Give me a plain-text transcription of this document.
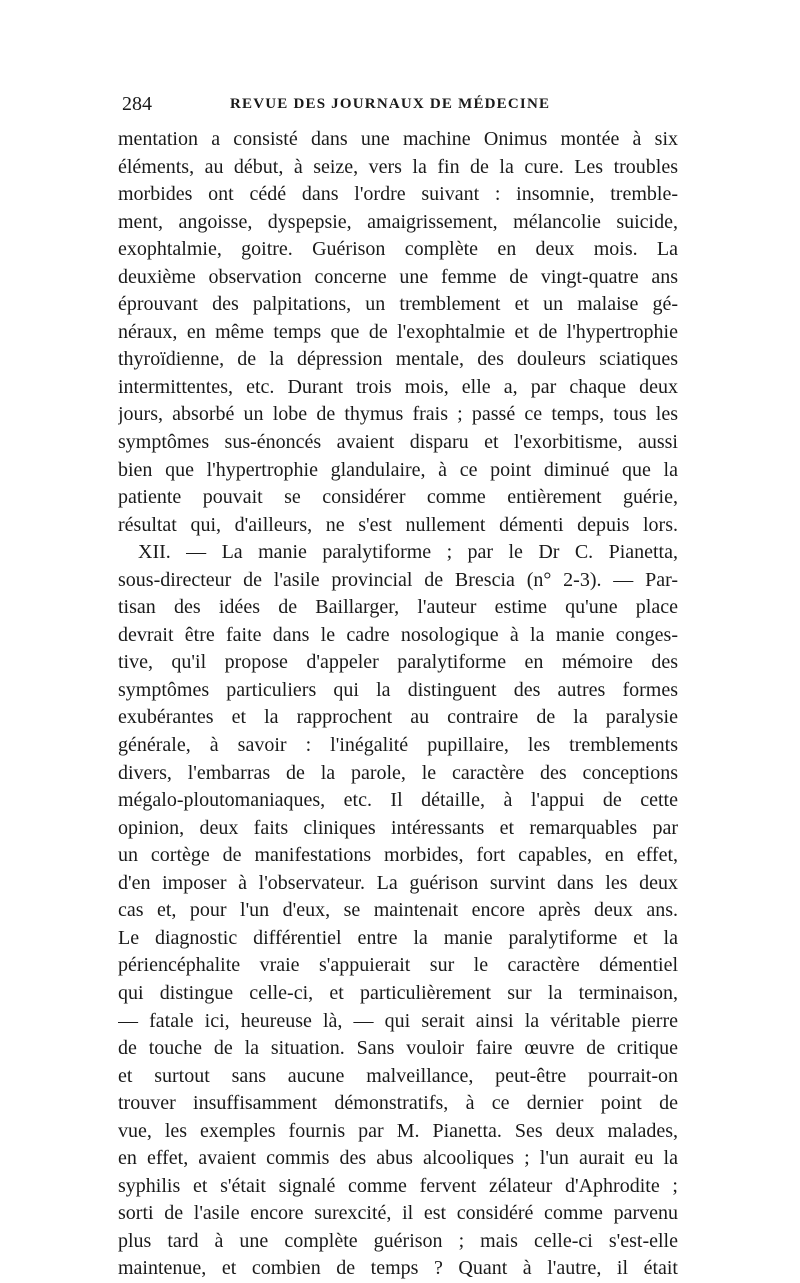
284	REVUE DES JOURNAUX DE MÉDECINE
mentation a consisté dans une machine Onimus montée à six
éléments, au début, à seize, vers la fin de la cure. Les troubles
morbides ont cédé dans l'ordre suivant : insomnie, tremble-
ment, angoisse, dyspepsie, amaigrissement, mélancolie suicide,
exophtalmie, goitre. Guérison complète en deux mois. La
deuxième observation concerne une femme de vingt-quatre ans
éprouvant des palpitations, un tremblement et un malaise gé-
néraux, en même temps que de l'exophtalmie et de l'hypertrophie
thyroïdienne, de la dépression mentale, des douleurs sciatiques
intermittentes, etc. Durant trois mois, elle a, par chaque deux
jours, absorbé un lobe de thymus frais ; passé ce temps, tous les
symptômes sus-énoncés avaient disparu et l'exorbitisme, aussi
bien que l'hypertrophie glandulaire, à ce point diminué que la
patiente pouvait se considérer comme entièrement guérie,
résultat qui, d'ailleurs, ne s'est nullement démenti depuis lors.
XII. — La manie paralytiforme ; par le Dr C. Pianetta,
sous-directeur de l'asile provincial de Brescia (n° 2-3). — Par-
tisan des idées de Baillarger, l'auteur estime qu'une place
devrait être faite dans le cadre nosologique à la manie conges-
tive, qu'il propose d'appeler paralytiforme en mémoire des
symptômes particuliers qui la distinguent des autres formes
exubérantes et la rapprochent au contraire de la paralysie
générale, à savoir : l'inégalité pupillaire, les tremblements
divers, l'embarras de la parole, le caractère des conceptions
mégalo-ploutomaniaques, etc. Il détaille, à l'appui de cette
opinion, deux faits cliniques intéressants et remarquables par
un cortège de manifestations morbides, fort capables, en effet,
d'en imposer à l'observateur. La guérison survint dans les deux
cas et, pour l'un d'eux, se maintenait encore après deux ans.
Le diagnostic différentiel entre la manie paralytiforme et la
périencéphalite vraie s'appuierait sur le caractère démentiel
qui distingue celle-ci, et particulièrement sur la terminaison,
— fatale ici, heureuse là, — qui serait ainsi la véritable pierre
de touche de la situation. Sans vouloir faire œuvre de critique
et surtout sans aucune malveillance, peut-être pourrait-on
trouver insuffisamment démonstratifs, à ce dernier point de
vue, les exemples fournis par M. Pianetta. Ses deux malades,
en effet, avaient commis des abus alcooliques ; l'un aurait eu la
syphilis et s'était signalé comme fervent zélateur d'Aphrodite ;
sorti de l'asile encore surexcité, il est considéré comme parvenu
plus tard à une complète guérison ; mais celle-ci s'est-elle
maintenue, et combien de temps ? Quant à l'autre, il était
